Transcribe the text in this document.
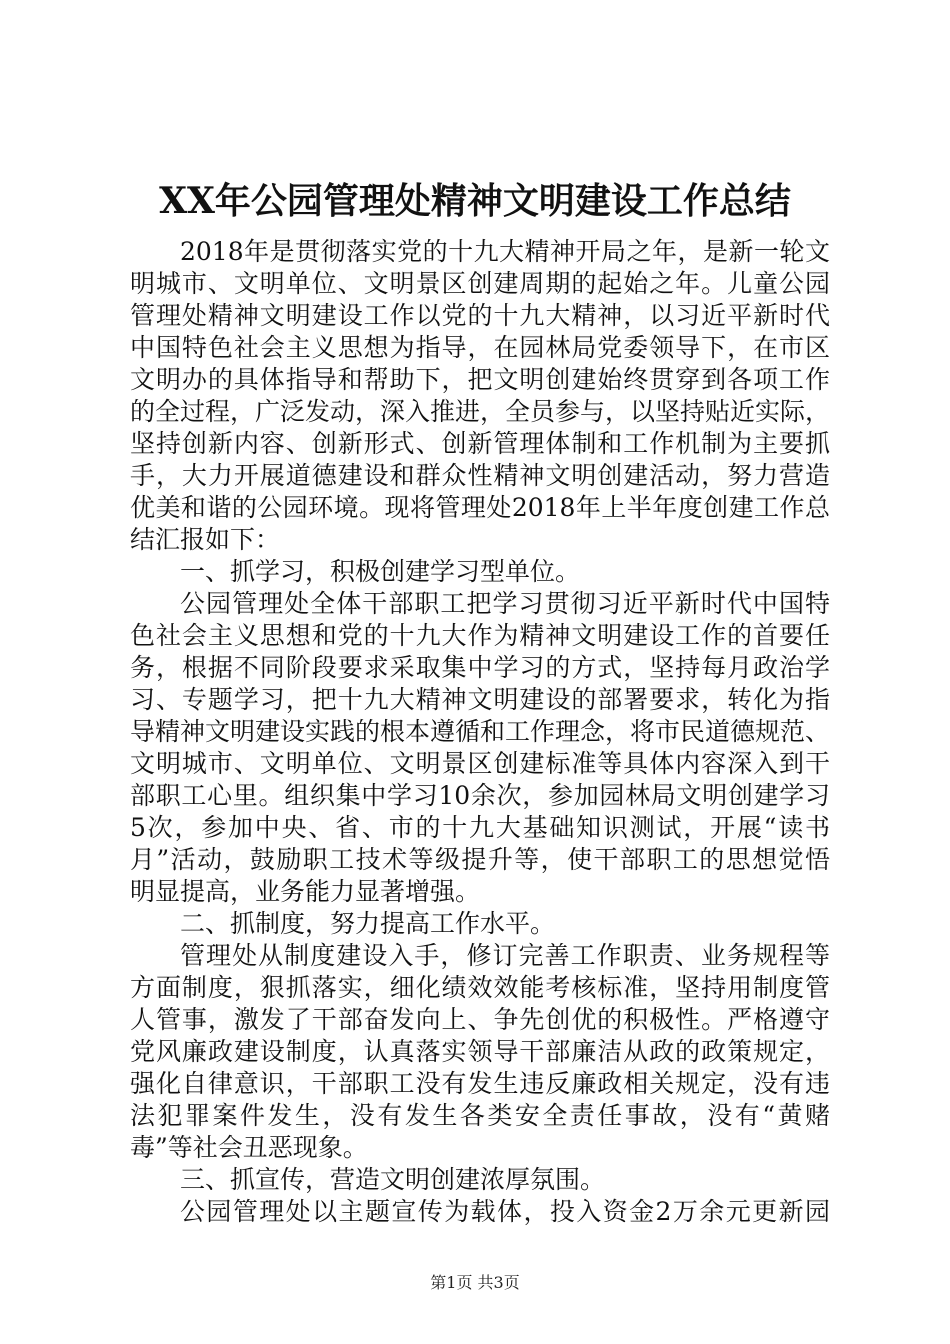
XX年公园管理处精神文明建设工作总结
2018年是贯彻落实党的十九大精神开局之年，是新一轮文
明城市、文明单位、文明景区创建周期的起始之年。儿童公园
管理处精神文明建设工作以党的十九大精神，以习近平新时代
中国特色社会主义思想为指导，在园林局党委领导下，在市区
文明办的具体指导和帮助下，把文明创建始终贯穿到各项工作
的全过程，广泛发动，深入推进，全员参与，以坚持贴近实际，
坚持创新内容、创新形式、创新管理体制和工作机制为主要抓
手，大力开展道德建设和群众性精神文明创建活动，努力营造
优美和谐的公园环境。现将管理处2018年上半年度创建工作总
结汇报如下：
一、抓学习，积极创建学习型单位。
公园管理处全体干部职工把学习贯彻习近平新时代中国特
色社会主义思想和党的十九大作为精神文明建设工作的首要任
务，根据不同阶段要求采取集中学习的方式，坚持每月政治学
习、专题学习，把十九大精神文明建设的部署要求，转化为指
导精神文明建设实践的根本遵循和工作理念，将市民道德规范、
文明城市、文明单位、文明景区创建标准等具体内容深入到干
部职工心里。组织集中学习10余次，参加园林局文明创建学习
5次，参加中央、省、市的十九大基础知识测试，开展“读书
月”活动，鼓励职工技术等级提升等，使干部职工的思想觉悟
明显提高，业务能力显著增强。
二、抓制度，努力提高工作水平。
管理处从制度建设入手，修订完善工作职责、业务规程等
方面制度，狠抓落实，细化绩效效能考核标准，坚持用制度管
人管事，激发了干部奋发向上、争先创优的积极性。严格遵守
党风廉政建设制度，认真落实领导干部廉洁从政的政策规定，
强化自律意识，干部职工没有发生违反廉政相关规定，没有违
法犯罪案件发生，没有发生各类安全责任事故，没有“黄赌
毒”等社会丑恶现象。
三、抓宣传，营造文明创建浓厚氛围。
公园管理处以主题宣传为载体，投入资金2万余元更新园
第1页 共3页
